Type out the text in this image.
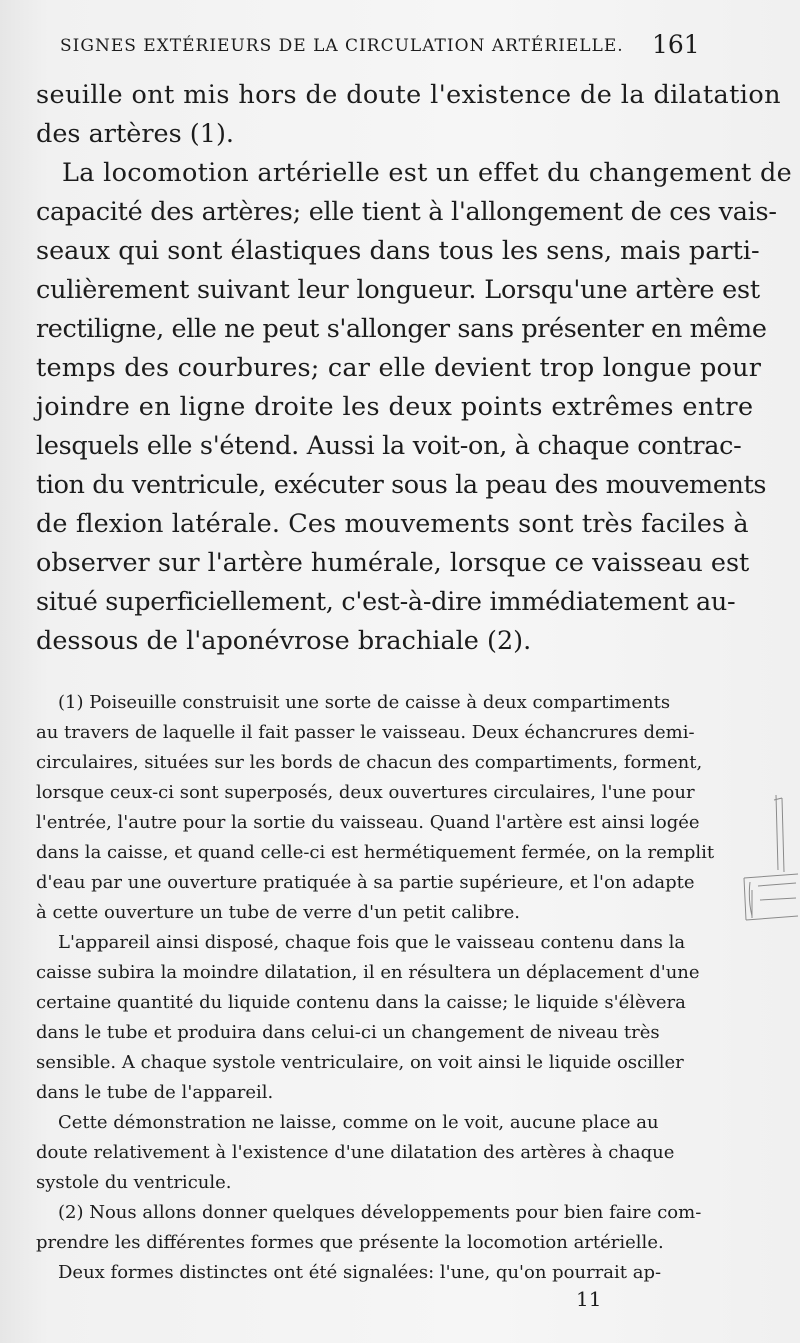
SIGNES EXTÉRIEURS DE LA CIRCULATION ARTÉRIELLE.	161

seuille ont mis hors de doute l'existence de la dilatation

des artères (1).

La locomotion artérielle est un effet du changement de

capacité des artères; elle tient à l'allongement de ces vais-

seaux qui sont élastiques dans tous les sens, mais parti-

culièrement suivant leur longueur. Lorsqu'une artère est

rectiligne, elle ne peut s'allonger sans présenter en même

temps des courbures; car elle devient trop longue pour

joindre en ligne droite les deux points extrêmes entre

lesquels elle s'étend. Aussi la voit-on, à chaque contrac-

tion du ventricule, exécuter sous la peau des mouvements

de flexion latérale. Ces mouvements sont très faciles à

observer sur l'artère humérale, lorsque ce vaisseau est

situé superficiellement, c'est-à-dire immédiatement au-

dessous de l'aponévrose brachiale (2).

(1) Poiseuille construisit une sorte de caisse à deux compartiments

au travers de laquelle il fait passer le vaisseau. Deux échancrures demi-

circulaires, situées sur les bords de chacun des compartiments, forment,

lorsque ceux-ci sont superposés, deux ouvertures circulaires, l'une pour

l'entrée, l'autre pour la sortie du vaisseau. Quand l'artère est ainsi logée

dans la caisse, et quand celle-ci est hermétiquement fermée, on la remplit

d'eau par une ouverture pratiquée à sa partie supérieure, et l'on adapte

à cette ouverture un tube de verre d'un petit calibre.

L'appareil ainsi disposé, chaque fois que le vaisseau contenu dans la

caisse subira la moindre dilatation, il en résultera un déplacement d'une

certaine quantité du liquide contenu dans la caisse; le liquide s'élèvera

dans le tube et produira dans celui-ci un changement de niveau très

sensible. A chaque systole ventriculaire, on voit ainsi le liquide osciller

dans le tube de l'appareil.

Cette démonstration ne laisse, comme on le voit, aucune place au

doute relativement à l'existence d'une dilatation des artères à chaque

systole du ventricule.

(2) Nous allons donner quelques développements pour bien faire com-

prendre les différentes formes que présente la locomotion artérielle.

Deux formes distinctes ont été signalées: l'une, qu'on pourrait ap-

11
